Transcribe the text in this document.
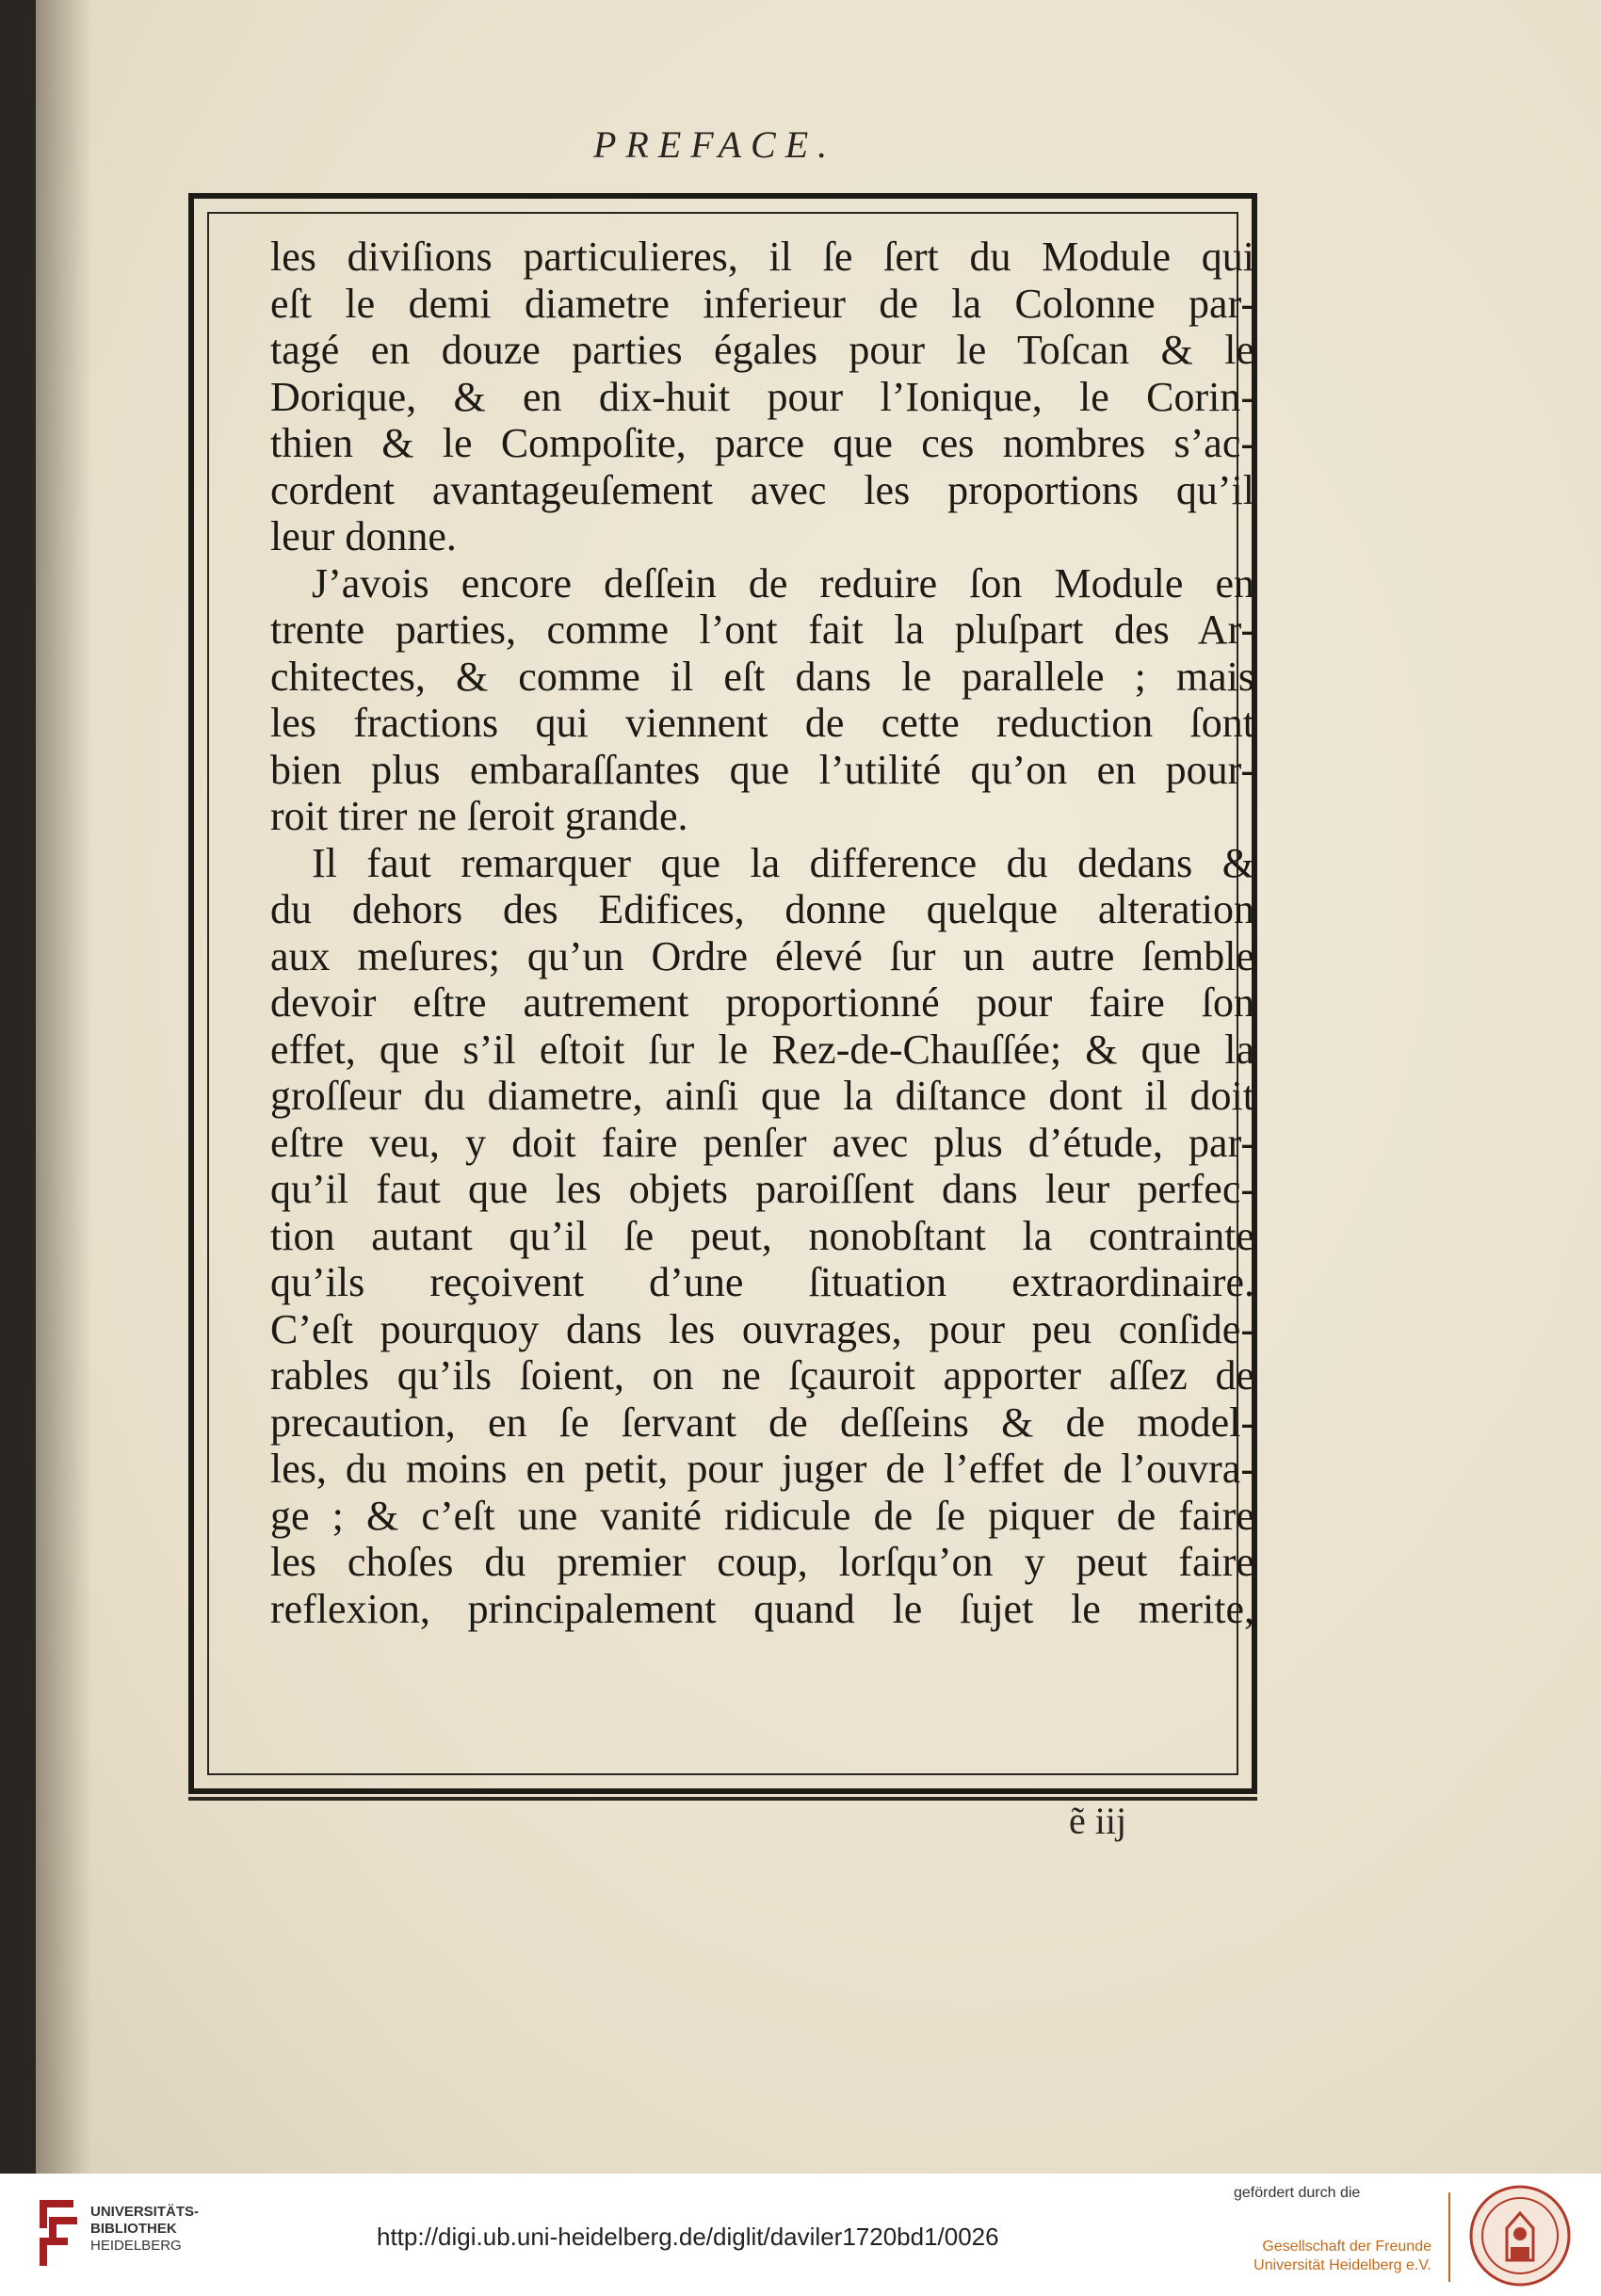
PREFACE.
les diviſions particulieres, il ſe ſert du Module qui
eſt le demi diametre inferieur de la Colonne par-
tagé en douze parties égales pour le Toſcan & le
Dorique, & en dix-huit pour l’Ionique, le Corin-
thien & le Compoſite, parce que ces nombres s’ac-
cordent avantageuſement avec les proportions qu’il
leur donne.
J’avois encore deſſein de reduire ſon Module en
trente parties, comme l’ont fait la pluſpart des Ar-
chitectes, & comme il eſt dans le parallele ; mais
les fractions qui viennent de cette reduction ſont
bien plus embaraſſantes que l’utilité qu’on en pour-
roit tirer ne ſeroit grande.
Il faut remarquer que la difference du dedans &
du dehors des Edifices, donne quelque alteration
aux meſures; qu’un Ordre élevé ſur un autre ſemble
devoir eſtre autrement proportionné pour faire ſon
effet, que s’il eſtoit ſur le Rez-de-Chauſſée; & que la
groſſeur du diametre, ainſi que la diſtance dont il doit
eſtre veu, y doit faire penſer avec plus d’étude, par-
qu’il faut que les objets paroiſſent dans leur perfec-
tion autant qu’il ſe peut, nonobſtant la contrainte
qu’ils reçoivent d’une ſituation extraordinaire.
C’eſt pourquoy dans les ouvrages, pour peu conſide-
rables qu’ils ſoient, on ne ſçauroit apporter aſſez de
precaution, en ſe ſervant de deſſeins & de model-
les, du moins en petit, pour juger de l’effet de l’ouvra-
ge ; & c’eſt une vanité ridicule de ſe piquer de faire
les choſes du premier coup, lorſqu’on y peut faire
reflexion, principalement quand le ſujet le merite,
ẽ iij
UNIVERSITÄTS-
BIBLIOTHEK
HEIDELBERG	http://digi.ub.uni-heidelberg.de/diglit/daviler1720bd1/0026
gefördert durch die
Gesellschaft der Freunde
Universität Heidelberg e.V.
